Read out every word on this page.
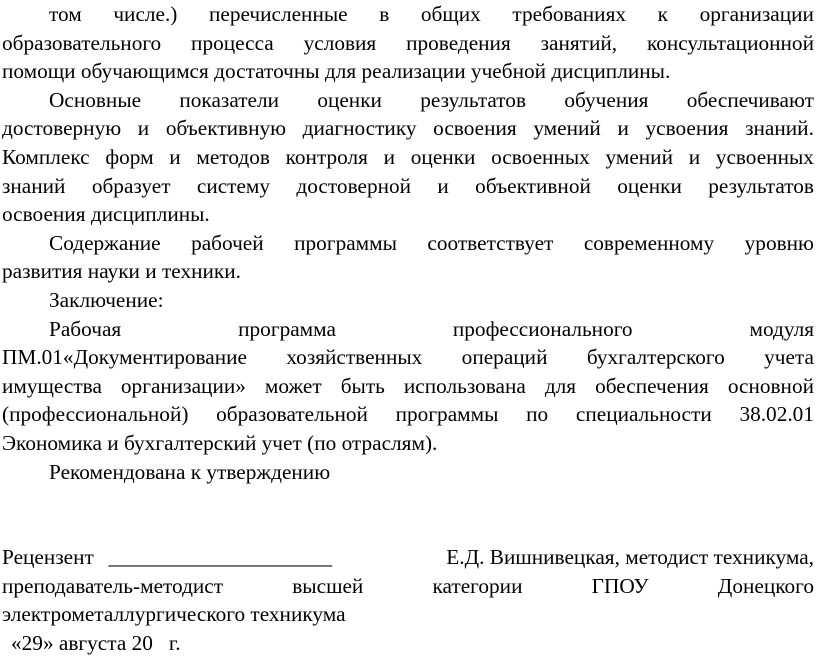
том числе.) перечисленные в общих требованиях к организации
образовательного процесса условия проведения занятий, консультационной
помощи обучающимся достаточны для реализации учебной дисциплины.
Основные показатели оценки результатов обучения обеспечивают
достоверную и объективную диагностику освоения умений и усвоения знаний.
Комплекс форм и методов контроля и оценки освоенных умений и усвоенных
знаний образует систему достоверной и объективной оценки результатов
освоения дисциплины.
Содержание рабочей программы соответствует современному уровню
развития науки и техники.
Заключение:
Рабочая	программа	профессионального	модуля
ПМ.01«Документирование хозяйственных операций бухгалтерского учета
имущества организации» может быть использована для обеспечения основной
(профессиональной) образовательной программы по специальности 38.02.01
Экономика и бухгалтерский учет (по отраслям).
Рекомендована к утверждению
Рецензент _____________________	Е.Д. Вишнивецкая, методист техникума,
преподаватель-методист	высшей	категории	ГПОУ	Донецкого
электрометаллургического техникума
«29» августа 20   г.
